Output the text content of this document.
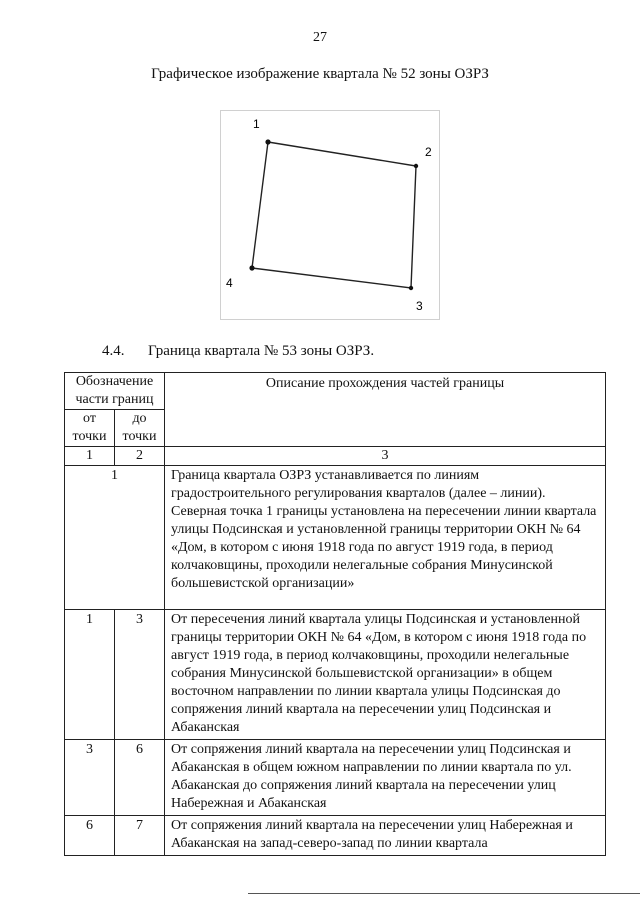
27
Графическое изображение квартала № 52 зоны ОЗРЗ
1
2
3
4
4.4. Граница квартала № 53 зоны ОЗРЗ.
Обозначение части границ		Описание прохождения частей границы
от точки	до точки	
1	2	3
1		Граница квартала ОЗРЗ устанавливается по линиям градостроительного регулирования кварталов (далее – линии). Северная точка 1 границы установлена на пересечении линии квартала улицы Подсинская и установленной границы территории ОКН № 64 «Дом, в котором с июня 1918 года по август 1919 года, в период колчаковщины, проходили нелегальные собрания Минусинской большевистской организации»
1	3	От пересечения линий квартала улицы Подсинская и установленной границы территории ОКН № 64 «Дом, в котором с июня 1918 года по август 1919 года, в период колчаковщины, проходили нелегальные собрания Минусинской большевистской организации» в общем восточном направлении по линии квартала улицы Подсинская до сопряжения линий квартала на пересечении улиц Подсинская и Абаканская
3	6	От сопряжения линий квартала на пересечении улиц Подсинская и Абаканская в общем южном направлении по линии квартала по ул. Абаканская до сопряжения линий квартала на пересечении улиц Набережная и Абаканская
6	7	От сопряжения линий квартала на пересечении улиц Набережная и Абаканская на запад-северо-запад по линии квартала
